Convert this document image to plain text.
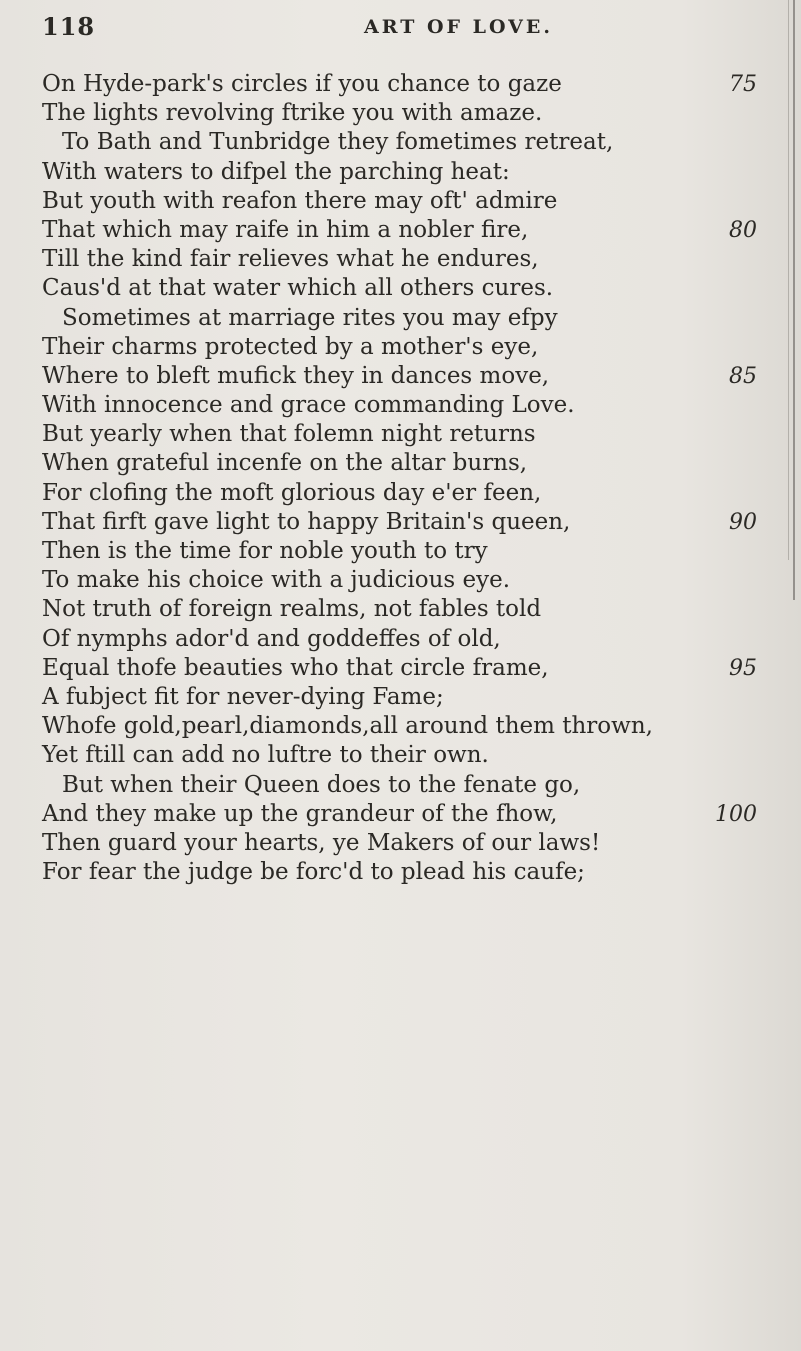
118	ART OF LOVE.
On Hyde-park's circles if you chance to gaze	75
The lights revolving ftrike you with amaze.
To Bath and Tunbridge they fometimes retreat,
With waters to difpel the parching heat:
But youth with reafon there may oft' admire
That which may raife in him a nobler fire,	80
Till the kind fair relieves what he endures,
Caus'd at that water which all others cures.
Sometimes at marriage rites you may efpy
Their charms protected by a mother's eye,
Where to bleft mufick they in dances move,	85
With innocence and grace commanding Love.
But yearly when that folemn night returns
When grateful incenfe on the altar burns,
For clofing the moft glorious day e'er feen,
That firft gave light to happy Britain's queen,	90
Then is the time for noble youth to try
To make his choice with a judicious eye.
Not truth of foreign realms, not fables told
Of nymphs ador'd and goddeffes of old,
Equal thofe beauties who that circle frame,	95
A fubject fit for never-dying Fame;
Whofe gold,pearl,diamonds,all around them thrown,
Yet ftill can add no luftre to their own.
But when their Queen does to the fenate go,
And they make up the grandeur of the fhow,	100
Then guard your hearts, ye Makers of our laws!
For fear the judge be forc'd to plead his caufe;
